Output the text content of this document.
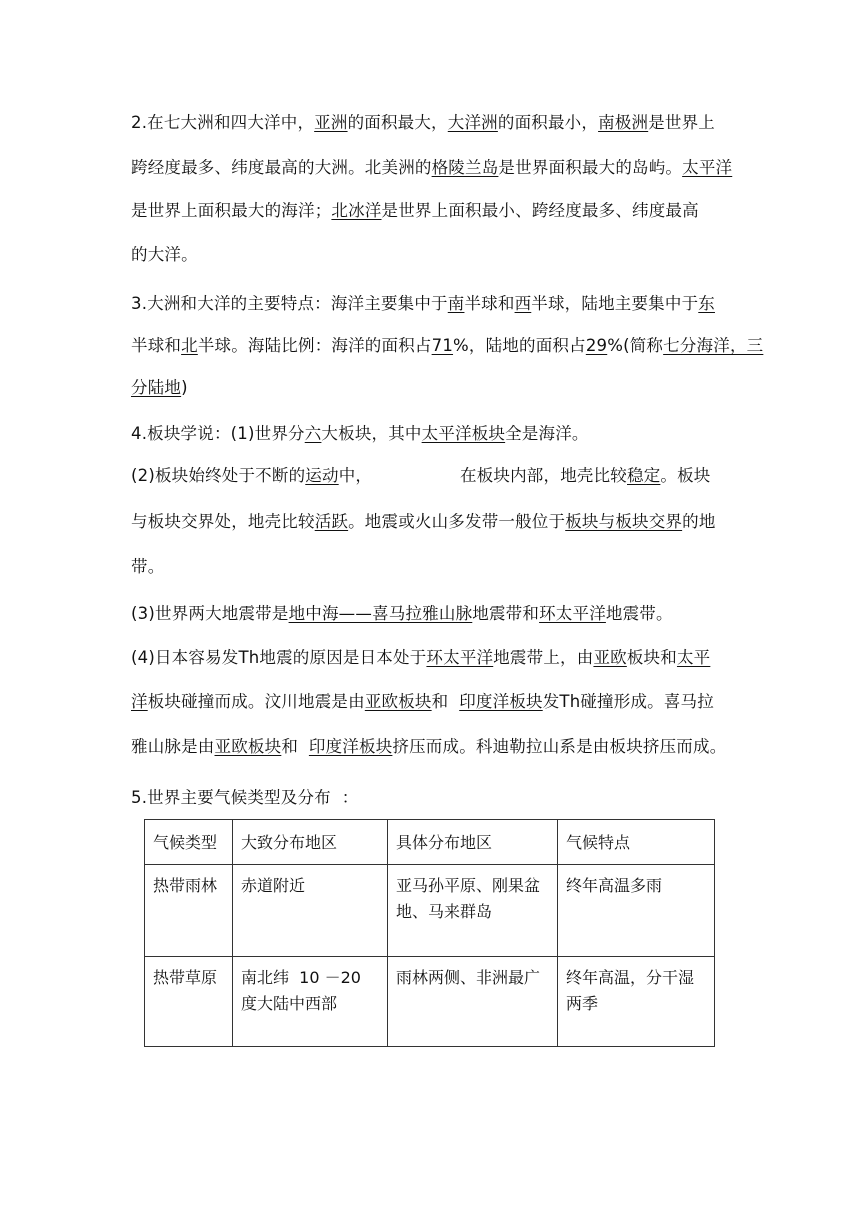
2.在七大洲和四大洋中，亚洲的面积最大，大洋洲的面积最小，南极洲是世界上
跨经度最多、纬度最高的大洲。北美洲的格陵兰岛是世界面积最大的岛屿。太平洋
是世界上面积最大的海洋；北冰洋是世界上面积最小、跨经度最多、纬度最高
的大洋。
3.大洲和大洋的主要特点：海洋主要集中于南半球和西半球，陆地主要集中于东
半球和北半球。海陆比例：海洋的面积占71%，陆地的面积占29%(简称七分海洋，三
分陆地)
4.板块学说：(1)世界分六大板块，其中太平洋板块全是海洋。
(2)板块始终处于不断的运动中，	在板块内部，地壳比较稳定。板块
与板块交界处，地壳比较活跃。地震或火山多发带一般位于板块与板块交界的地
带。
(3)世界两大地震带是地中海——喜马拉雅山脉地震带和环太平洋地震带。
(4)日本容易发Th地震的原因是日本处于环太平洋地震带上，由亚欧板块和太平
洋板块碰撞而成。汶川地震是由亚欧板块和  印度洋板块发Th碰撞形成。喜马拉
雅山脉是由亚欧板块和  印度洋板块挤压而成。科迪勒拉山系是由板块挤压而成。
5.世界主要气候类型及分布  ：
气候类型	大致分布地区	具体分布地区	气候特点
热带雨林	赤道附近	亚马孙平原、刚果盆地、马来群岛	终年高温多雨
热带草原	南北纬  10 －20 度大陆中西部	雨林两侧、非洲最广	终年高温，分干湿两季
